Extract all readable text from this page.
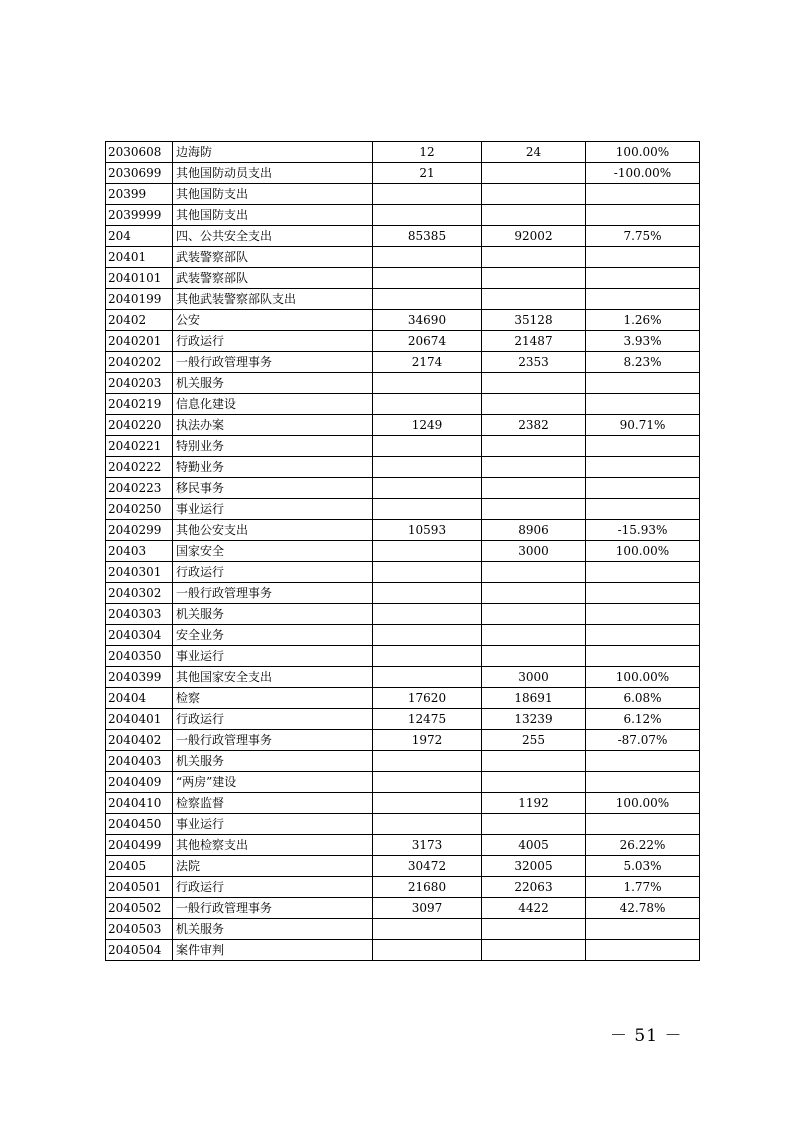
2030608	边海防	12	24	100.00%
2030699	其他国防动员支出	21		-100.00%
20399	其他国防支出			
2039999	其他国防支出			
204	四、公共安全支出	85385	92002	7.75%
20401	武装警察部队			
2040101	武装警察部队			
2040199	其他武装警察部队支出			
20402	公安	34690	35128	1.26%
2040201	行政运行	20674	21487	3.93%
2040202	一般行政管理事务	2174	2353	8.23%
2040203	机关服务			
2040219	信息化建设			
2040220	执法办案	1249	2382	90.71%
2040221	特别业务			
2040222	特勤业务			
2040223	移民事务			
2040250	事业运行			
2040299	其他公安支出	10593	8906	-15.93%
20403	国家安全		3000	100.00%
2040301	行政运行			
2040302	一般行政管理事务			
2040303	机关服务			
2040304	安全业务			
2040350	事业运行			
2040399	其他国家安全支出		3000	100.00%
20404	检察	17620	18691	6.08%
2040401	行政运行	12475	13239	6.12%
2040402	一般行政管理事务	1972	255	-87.07%
2040403	机关服务			
2040409	“两房”建设			
2040410	检察监督		1192	100.00%
2040450	事业运行			
2040499	其他检察支出	3173	4005	26.22%
20405	法院	30472	32005	5.03%
2040501	行政运行	21680	22063	1.77%
2040502	一般行政管理事务	3097	4422	42.78%
2040503	机关服务			
2040504	案件审判			
－ 51 －
